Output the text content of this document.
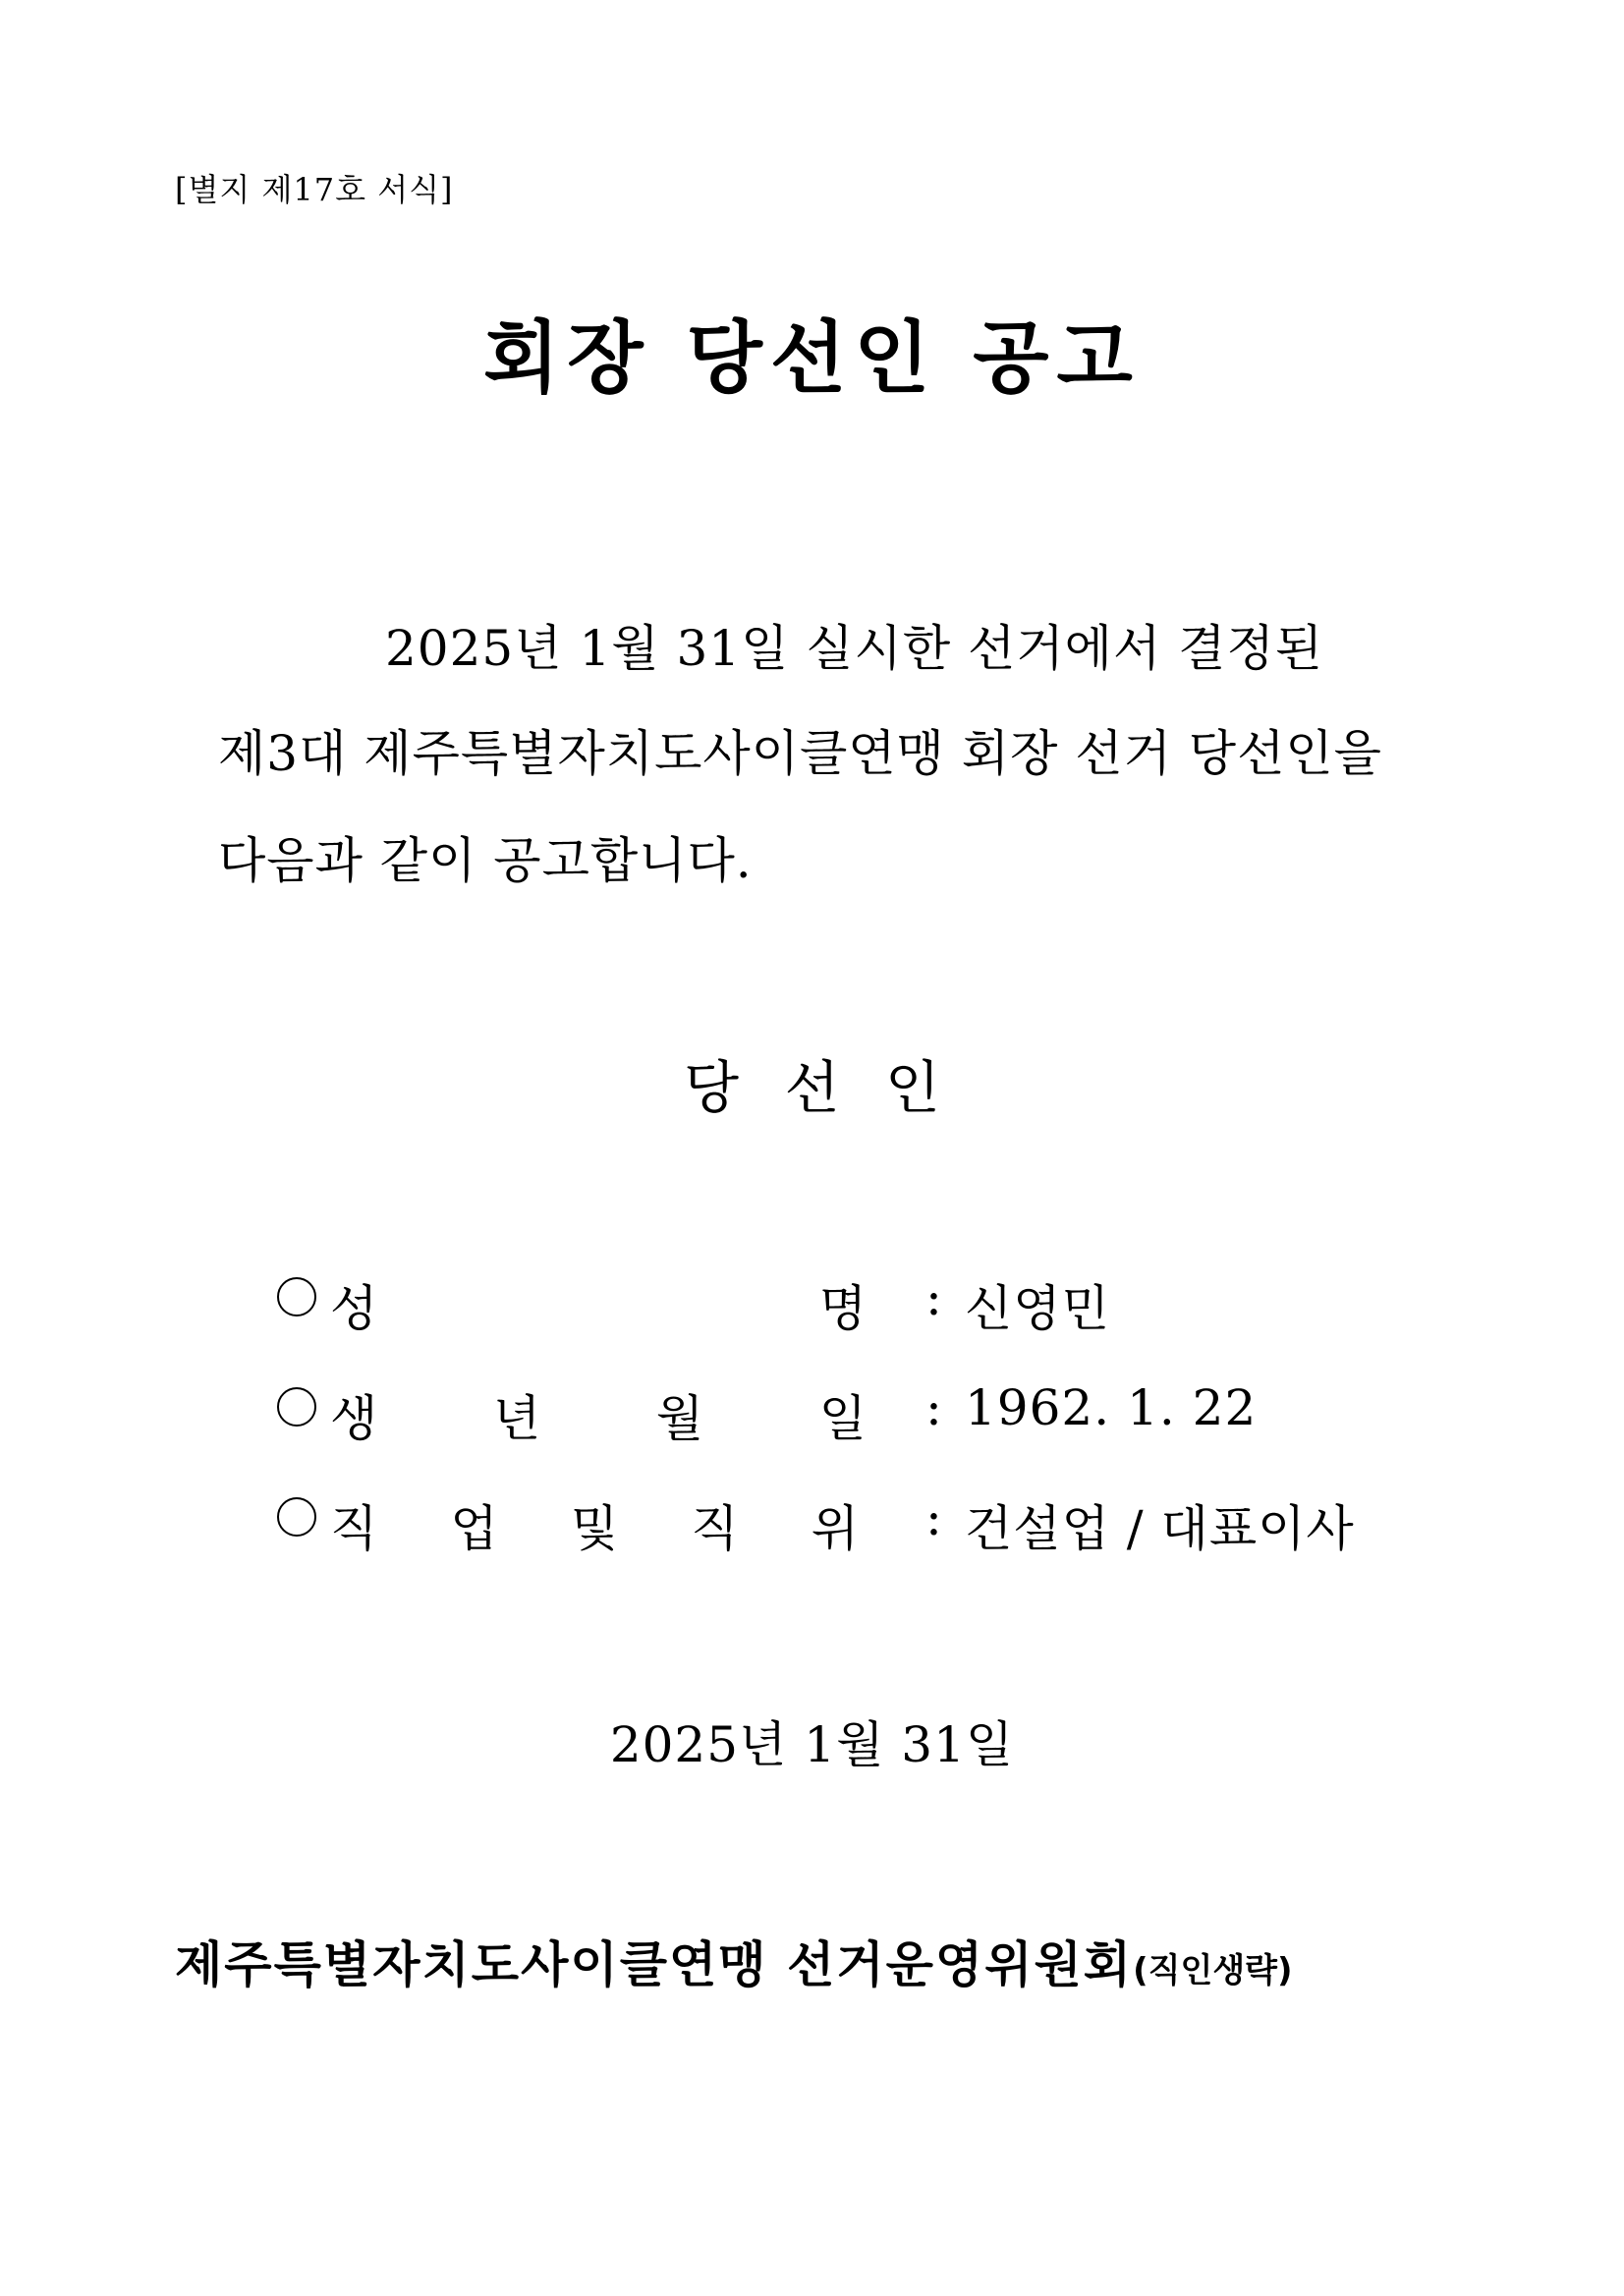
[별지 제17호 서식]
회장 당선인 공고
2025년 1월 31일 실시한 선거에서 결정된
제3대 제주특별자치도사이클연맹 회장 선거 당선인을
다음과 같이 공고합니다.
당선인
성	명 : 신영민
생 년 월 일 : 1962. 1. 22
직 업 및 직 위 : 건설업 / 대표이사
2025년 1월 31일
제주특별자치도사이클연맹 선거운영위원회(직인생략)
